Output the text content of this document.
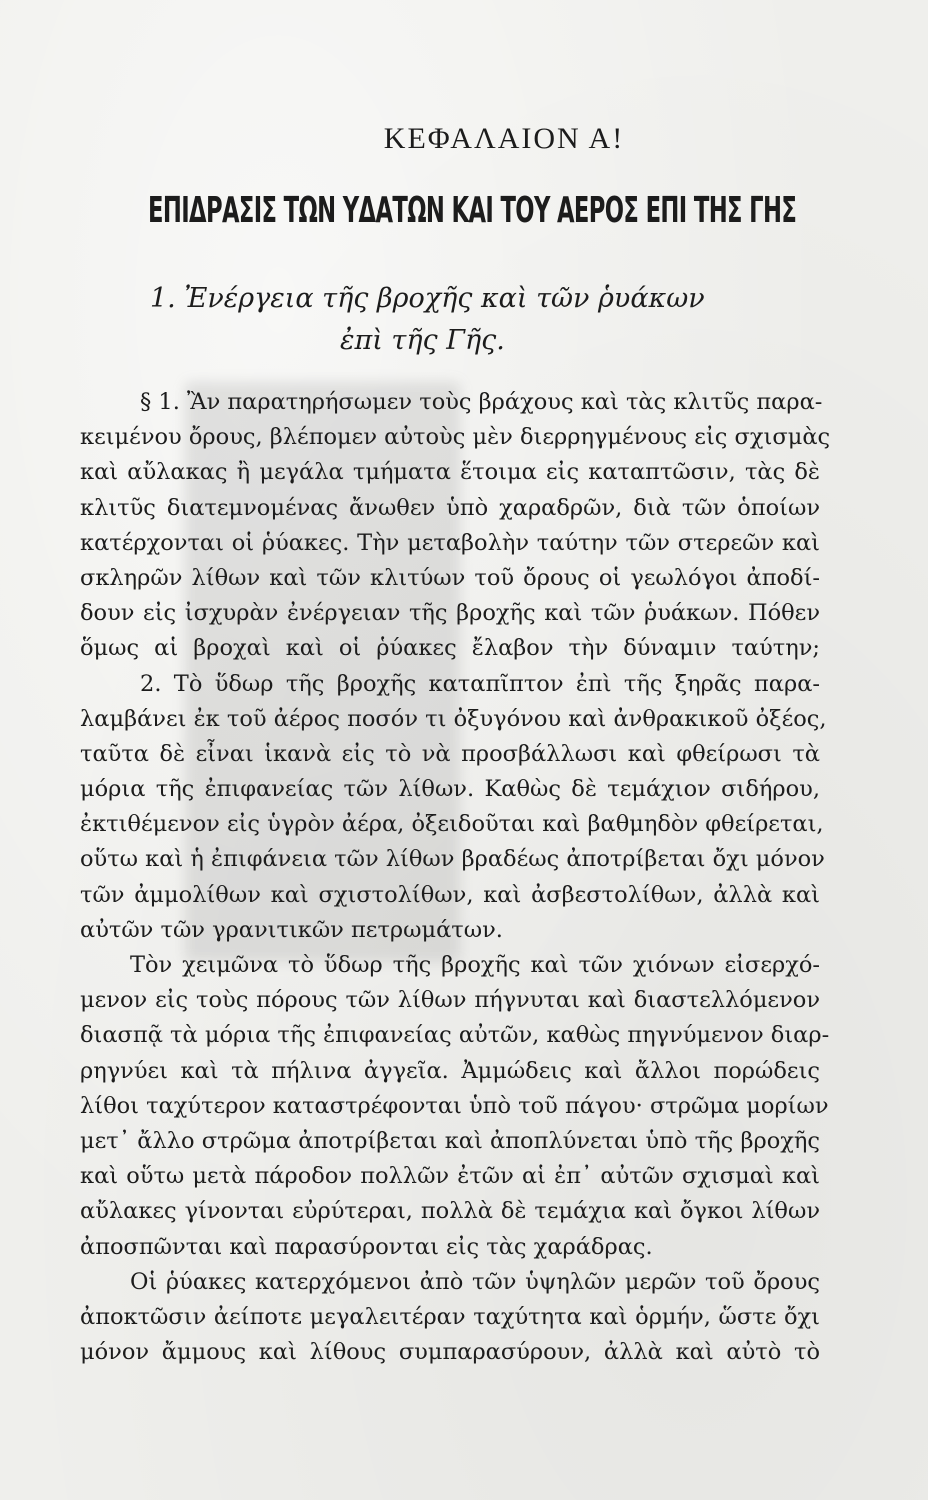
ΚΕΦΑΛΑΙΟΝ Α!
ΕΠΙΔΡΑΣΙΣ ΤΩΝ ΥΔΑΤΩΝ ΚΑΙ ΤΟΥ ΑΕΡΟΣ ΕΠΙ ΤΗΣ ΓΗΣ
1. Ἐνέργεια τῆς βροχῆς καὶ τῶν ῥυάκων
ἐπὶ τῆς Γῆς.
§ 1. Ἂν παρατηρήσωμεν τοὺς βράχους καὶ τὰς κλιτῦς παρα-
κειμένου ὄρους, βλέπομεν αὐτοὺς μὲν διερρηγμένους εἰς σχισμὰς
καὶ αὔλακας ἢ μεγάλα τμήματα ἕτοιμα εἰς καταπτῶσιν, τὰς δὲ
κλιτῦς διατεμνομένας ἄνωθεν ὑπὸ χαραδρῶν, διὰ τῶν ὁποίων
κατέρχονται οἱ ῥύακες. Τὴν μεταβολὴν ταύτην τῶν στερεῶν καὶ
σκληρῶν λίθων καὶ τῶν κλιτύων τοῦ ὄρους οἱ γεωλόγοι ἀποδί-
δουν εἰς ἰσχυρὰν ἐνέργειαν τῆς βροχῆς καὶ τῶν ῥυάκων. Πόθεν
ὅμως αἱ βροχαὶ καὶ οἱ ῥύακες ἔλαβον τὴν δύναμιν ταύτην;
2. Τὸ ὕδωρ τῆς βροχῆς καταπῖπτον ἐπὶ τῆς ξηρᾶς παρα-
λαμβάνει ἐκ τοῦ ἀέρος ποσόν τι ὀξυγόνου καὶ ἀνθρακικοῦ ὀξέος,
ταῦτα δὲ εἶναι ἱκανὰ εἰς τὸ νὰ προσβάλλωσι καὶ φθείρωσι τὰ
μόρια τῆς ἐπιφανείας τῶν λίθων. Καθὼς δὲ τεμάχιον σιδήρου,
ἐκτιθέμενον εἰς ὑγρὸν ἀέρα, ὀξειδοῦται καὶ βαθμηδὸν φθείρεται,
οὕτω καὶ ἡ ἐπιφάνεια τῶν λίθων βραδέως ἀποτρίβεται ὄχι μόνον
τῶν ἀμμολίθων καὶ σχιστολίθων, καὶ ἀσβεστολίθων, ἀλλὰ καὶ
αὐτῶν τῶν γρανιτικῶν πετρωμάτων.
Τὸν χειμῶνα τὸ ὕδωρ τῆς βροχῆς καὶ τῶν χιόνων εἰσερχό-
μενον εἰς τοὺς πόρους τῶν λίθων πήγνυται καὶ διαστελλόμενον
διασπᾷ τὰ μόρια τῆς ἐπιφανείας αὐτῶν, καθὼς πηγνύμενον διαρ-
ρηγνύει καὶ τὰ πήλινα ἀγγεῖα. Ἀμμώδεις καὶ ἄλλοι πορώδεις
λίθοι ταχύτερον καταστρέφονται ὑπὸ τοῦ πάγου· στρῶμα μορίων
μετ᾽ ἄλλο στρῶμα ἀποτρίβεται καὶ ἀποπλύνεται ὑπὸ τῆς βροχῆς
καὶ οὕτω μετὰ πάροδον πολλῶν ἐτῶν αἱ ἐπ᾽ αὐτῶν σχισμαὶ καὶ
αὔλακες γίνονται εὐρύτεραι, πολλὰ δὲ τεμάχια καὶ ὄγκοι λίθων
ἀποσπῶνται καὶ παρασύρονται εἰς τὰς χαράδρας.
Οἱ ῥύακες κατερχόμενοι ἀπὸ τῶν ὑψηλῶν μερῶν τοῦ ὄρους
ἀποκτῶσιν ἀείποτε μεγαλειτέραν ταχύτητα καὶ ὁρμήν, ὥστε ὄχι
μόνον ἄμμους καὶ λίθους συμπαρασύρουν, ἀλλὰ καὶ αὐτὸ τὸ
